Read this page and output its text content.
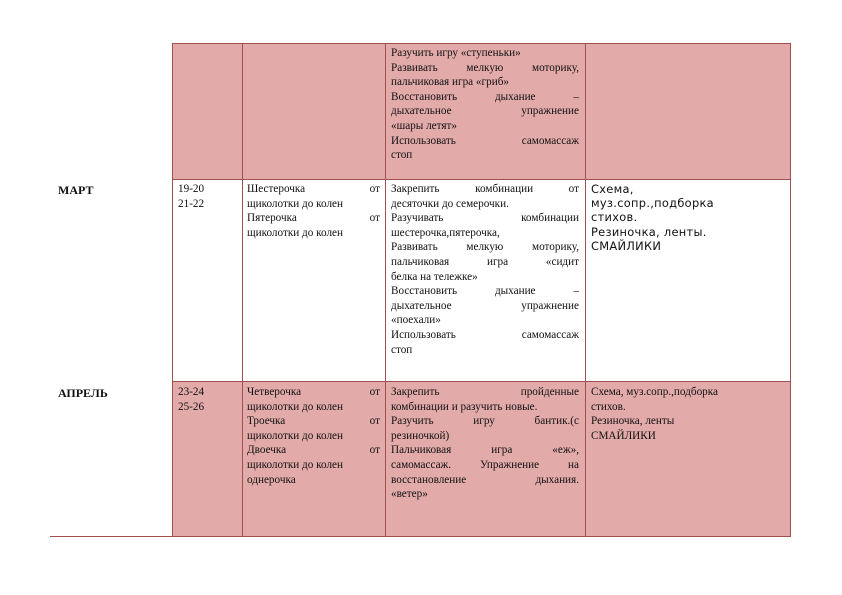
Разучить игру «ступеньки»

Развивать мелкую моторику,

пальчиковая игра «гриб»

Восстановить дыхание –

дыхательное упражнение

«шары летят»

Использовать самомассаж

стоп

МАРТ	19-20

21-22

Шестерочка от

щиколотки до колен

Пятерочка от

щиколотки до колен

Закрепить комбинации от

десяточки до семерочки.

Разучивать комбинации

шестерочка,пятерочка,

Развивать мелкую моторику,

пальчиковая игра «сидит

белка на тележке»

Восстановить дыхание –

дыхательное упражнение

«поехали»

Использовать самомассаж

стоп

Схема,

муз.сопр.,подборка

стихов.

Резиночка, ленты.

СМАЙЛИКИ

АПРЕЛЬ	23-24

25-26

Четверочка от

щиколотки до колен

Троечка от

щиколотки до колен

Двоечка от

щиколотки до колен

однерочка

Закрепить пройденные

комбинации и разучить новые.

Разучить игру бантик.(с

резиночкой)

Пальчиковая игра «еж»,

самомассаж. Упражнение на

восстановление дыхания.

«ветер»

Схема, муз.сопр.,подборка

стихов.

Резиночка, ленты

СМАЙЛИКИ
